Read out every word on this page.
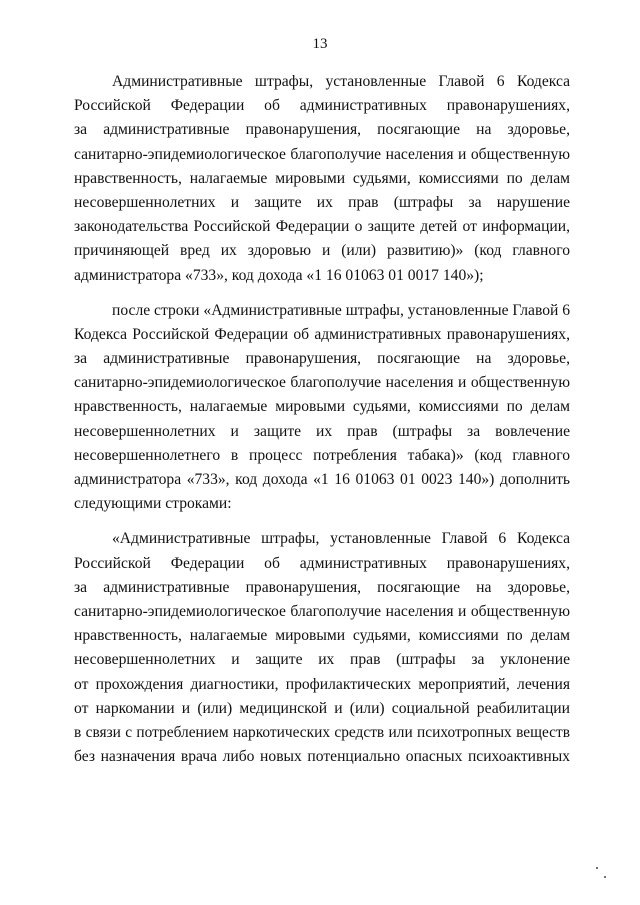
13

Административные штрафы, установленные Главой 6 Кодекса
Российской Федерации об административных правонарушениях,
за административные правонарушения, посягающие на здоровье,
санитарно-эпидемиологическое благополучие населения и общественную
нравственность, налагаемые мировыми судьями, комиссиями по делам
несовершеннолетних и защите их прав (штрафы за нарушение
законодательства Российской Федерации о защите детей от информации,
причиняющей вред их здоровью и (или) развитию)» (код главного
администратора «733», код дохода «1 16 01063 01 0017 140»);

после строки «Административные штрафы, установленные Главой 6
Кодекса Российской Федерации об административных правонарушениях,
за административные правонарушения, посягающие на здоровье,
санитарно-эпидемиологическое благополучие населения и общественную
нравственность, налагаемые мировыми судьями, комиссиями по делам
несовершеннолетних и защите их прав (штрафы за вовлечение
несовершеннолетнего в процесс потребления табака)» (код главного
администратора «733», код дохода «1 16 01063 01 0023 140») дополнить
следующими строками:

«Административные штрафы, установленные Главой 6 Кодекса
Российской Федерации об административных правонарушениях,
за административные правонарушения, посягающие на здоровье,
санитарно-эпидемиологическое благополучие населения и общественную
нравственность, налагаемые мировыми судьями, комиссиями по делам
несовершеннолетних и защите их прав (штрафы за уклонение
от прохождения диагностики, профилактических мероприятий, лечения
от наркомании и (или) медицинской и (или) социальной реабилитации
в связи с потреблением наркотических средств или психотропных веществ
без назначения врача либо новых потенциально опасных психоактивных
